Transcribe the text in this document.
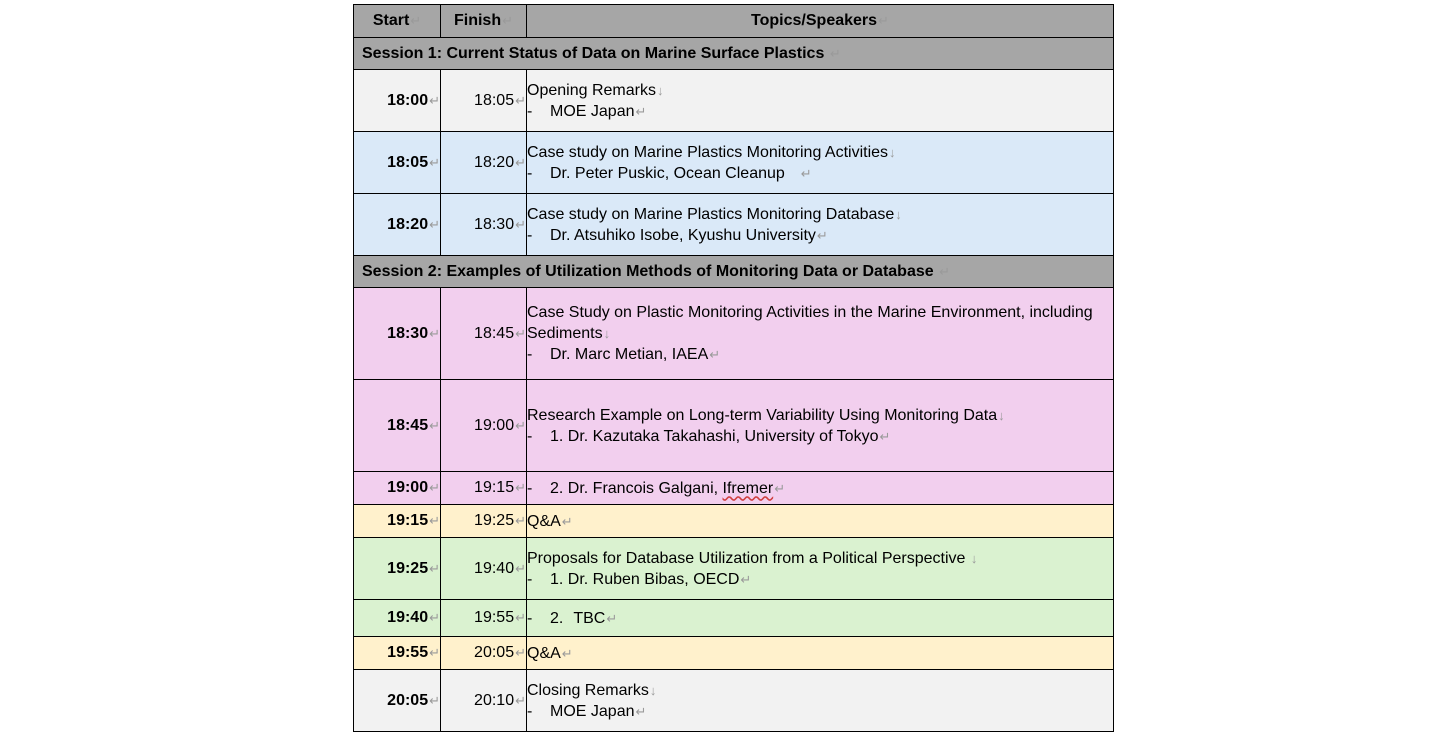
Start↵	Finish↵	Topics/Speakers↵
Session 1: Current Status of Data on Marine Surface Plastics ↵		
18:00↵	18:05↵	Opening Remarks↓
- MOE Japan↵

18:05↵	18:20↵	Case study on Marine Plastics Monitoring Activities↓
- Dr. Peter Puskic, Ocean Cleanup ↵

18:20↵	18:30↵	Case study on Marine Plastics Monitoring Database↓
- Dr. Atsuhiko Isobe, Kyushu University↵

Session 2: Examples of Utilization Methods of Monitoring Data or Database ↵		
18:30↵	18:45↵	Case Study on Plastic Monitoring Activities in the Marine Environment, including Sediments↓
- Dr. Marc Metian, IAEA↵

18:45↵	19:00↵	Research Example on Long-term Variability Using Monitoring Data↓
- 1. Dr. Kazutaka Takahashi, University of Tokyo↵

19:00↵	19:15↵	- 2. Dr. Francois Galgani, Ifremer↵

19:15↵	19:25↵	Q&A↵

19:25↵	19:40↵	Proposals for Database Utilization from a Political Perspective ↓
- 1. Dr. Ruben Bibas, OECD↵

19:40↵	19:55↵	- 2. TBC↵

19:55↵	20:05↵	Q&A↵

20:05↵	20:10↵	Closing Remarks↓
- MOE Japan↵
